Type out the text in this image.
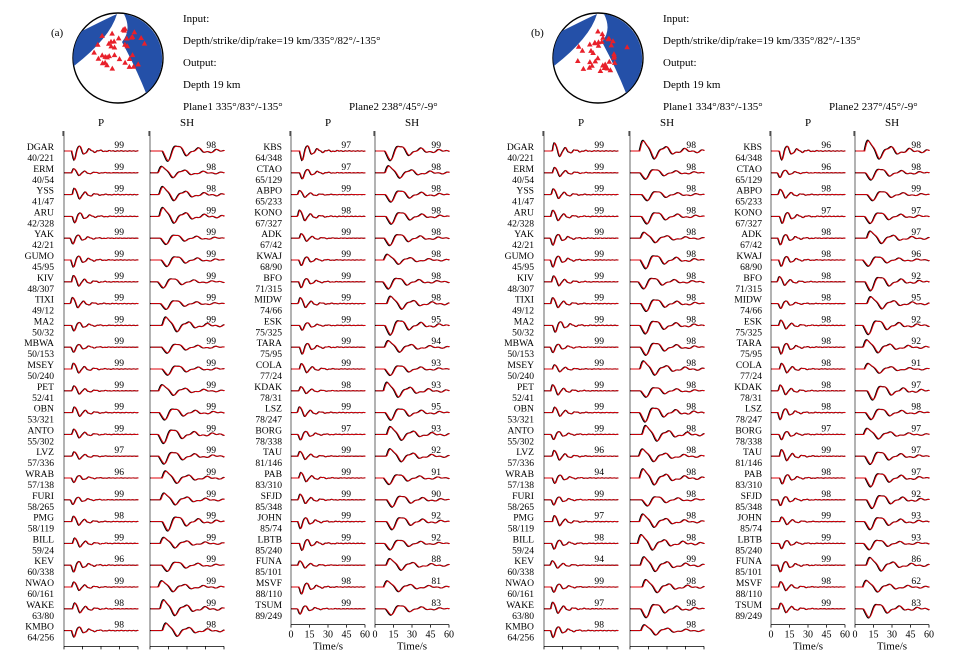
(a)
Input:
Depth/strike/dip/rake=19 km/335°/82°/-135°
Output:
Depth 19 km
Plane1 335°/83°/-135°	Plane2 238°/45°/-9°
P	SH
DGAR
40/221
99	98
ERM
40/54
99	98
YSS
41/47
99	98
ARU
42/328
99	99
YAK
42/21
99	99
GUMO
45/95
99	99
KIV
48/307
99	99
TIXI
49/12
99	99
MA2
50/32
99	99
MBWA
50/153
99	99
MSEY
50/240
99	99
PET
52/41
99	99
OBN
53/321
99	99
ANTO
55/302
99	99
LVZ
57/336
97	99
WRAB
57/138
96	99
FURI
58/265
99	99
PMG
58/119
98	99
BILL
59/24
99	99
KEV
60/338
96	99
NWAO
60/161
99	99
WAKE
63/80
98	99
KMBO
64/256
98	98
P	SH
KBS
64/348
97	99
CTAO
65/129
97	98
ABPO
65/233
99	98
KONO
67/327
98	98
ADK
67/42
99	98
KWAJ
68/90
99	98
BFO
71/315
99	98
MIDW
74/66
99	98
ESK
75/325
99	95
TARA
75/95
99	94
COLA
77/24
99	93
KDAK
78/31
98	93
LSZ
78/247
99	95
BORG
78/338
97	93
TAU
81/146
99	92
PAB
83/310
99	91
SFJD
85/348
99	90
JOHN
85/74
99	92
LBTB
85/240
99	92
FUNA
85/101
99	88
MSVF
88/110
98	81
TSUM
89/249
99	83
0 15 30 45 60
Time/s
0 15 30 45 60
Time/s
(b)
Input:
Depth/strike/dip/rake=19 km/335°/82°/-135°
Output:
Depth 19 km
Plane1 334°/83°/-135°	Plane2 237°/45°/-9°
P	SH
DGAR
40/221
99	98
ERM
40/54
99	98
YSS
41/47
99	98
ARU
42/328
99	98
YAK
42/21
99	98
GUMO
45/95
99	98
KIV
48/307
99	98
TIXI
49/12
99	98
MA2
50/32
99	98
MBWA
50/153
99	98
MSEY
50/240
99	98
PET
52/41
99	98
OBN
53/321
99	98
ANTO
55/302
99	98
LVZ
57/336
96	98
WRAB
57/138
94	98
FURI
58/265
99	98
PMG
58/119
97	98
BILL
59/24
98	98
KEV
60/338
94	99
NWAO
60/161
99	98
WAKE
63/80
97	98
KMBO
64/256
98	98
P	SH
KBS
64/348
96	98
CTAO
65/129
96	98
ABPO
65/233
98	99
KONO
67/327
97	97
ADK
67/42
98	97
KWAJ
68/90
98	96
BFO
71/315
98	92
MIDW
74/66
98	95
ESK
75/325
98	92
TARA
75/95
98	92
COLA
77/24
98	91
KDAK
78/31
98	97
LSZ
78/247
98	98
BORG
78/338
97	97
TAU
81/146
99	97
PAB
83/310
98	97
SFJD
85/348
98	92
JOHN
85/74
99	93
LBTB
85/240
99	93
FUNA
85/101
99	86
MSVF
88/110
98	62
TSUM
89/249
99	83
0 15 30 45 60
Time/s
0 15 30 45 60
Time/s
